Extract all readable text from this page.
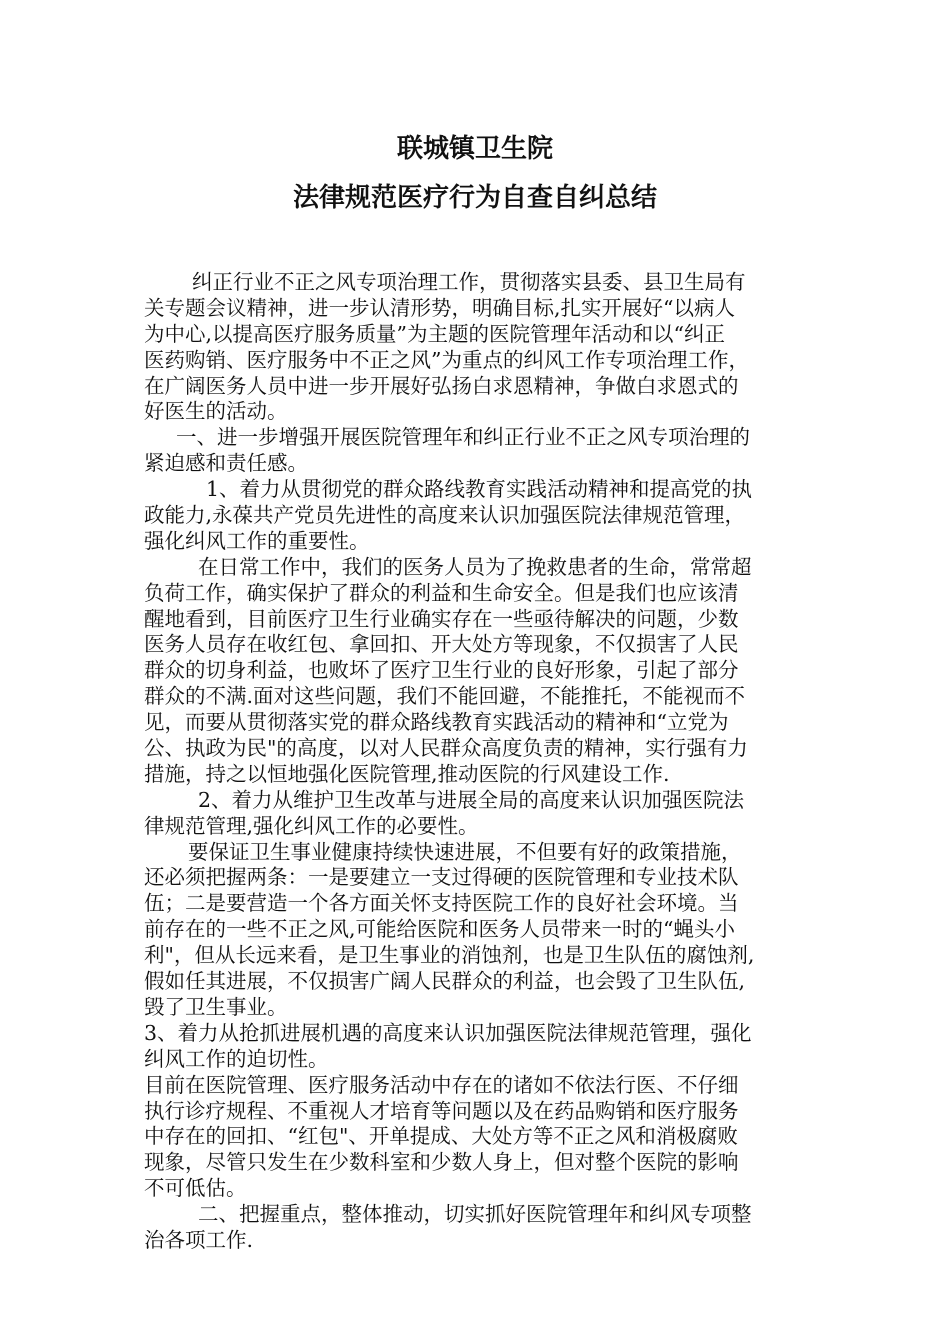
联城镇卫生院
法律规范医疗行为自查自纠总结
纠正行业不正之风专项治理工作，贯彻落实县委、县卫生局有
关专题会议精神，进一步认清形势，明确目标,扎实开展好“以病人
为中心,以提高医疗服务质量”为主题的医院管理年活动和以“纠正
医药购销、医疗服务中不正之风”为重点的纠风工作专项治理工作，
在广阔医务人员中进一步开展好弘扬白求恩精神，争做白求恩式的
好医生的活动。
一、进一步增强开展医院管理年和纠正行业不正之风专项治理的
紧迫感和责任感。
1、着力从贯彻党的群众路线教育实践活动精神和提高党的执
政能力,永葆共产党员先进性的高度来认识加强医院法律规范管理，
强化纠风工作的重要性。
在日常工作中，我们的医务人员为了挽救患者的生命，常常超
负荷工作，确实保护了群众的利益和生命安全。但是我们也应该清
醒地看到，目前医疗卫生行业确实存在一些亟待解决的问题，少数
医务人员存在收红包、拿回扣、开大处方等现象，不仅损害了人民
群众的切身利益，也败坏了医疗卫生行业的良好形象，引起了部分
群众的不满.面对这些问题，我们不能回避，不能推托，不能视而不
见，而要从贯彻落实党的群众路线教育实践活动的精神和“立党为
公、执政为民"的高度，以对人民群众高度负责的精神，实行强有力
措施，持之以恒地强化医院管理,推动医院的行风建设工作.
2、着力从维护卫生改革与进展全局的高度来认识加强医院法
律规范管理,强化纠风工作的必要性。
要保证卫生事业健康持续快速进展，不但要有好的政策措施，
还必须把握两条：一是要建立一支过得硬的医院管理和专业技术队
伍；二是要营造一个各方面关怀支持医院工作的良好社会环境。当
前存在的一些不正之风,可能给医院和医务人员带来一时的“蝇头小
利"，但从长远来看，是卫生事业的消蚀剂，也是卫生队伍的腐蚀剂,
假如任其进展，不仅损害广阔人民群众的利益，也会毁了卫生队伍,
毁了卫生事业。
3、着力从抢抓进展机遇的高度来认识加强医院法律规范管理，强化
纠风工作的迫切性。
目前在医院管理、医疗服务活动中存在的诸如不依法行医、不仔细
执行诊疗规程、不重视人才培育等问题以及在药品购销和医疗服务
中存在的回扣、“红包"、开单提成、大处方等不正之风和消极腐败
现象，尽管只发生在少数科室和少数人身上，但对整个医院的影响
不可低估。
二、把握重点，整体推动，切实抓好医院管理年和纠风专项整
治各项工作.
